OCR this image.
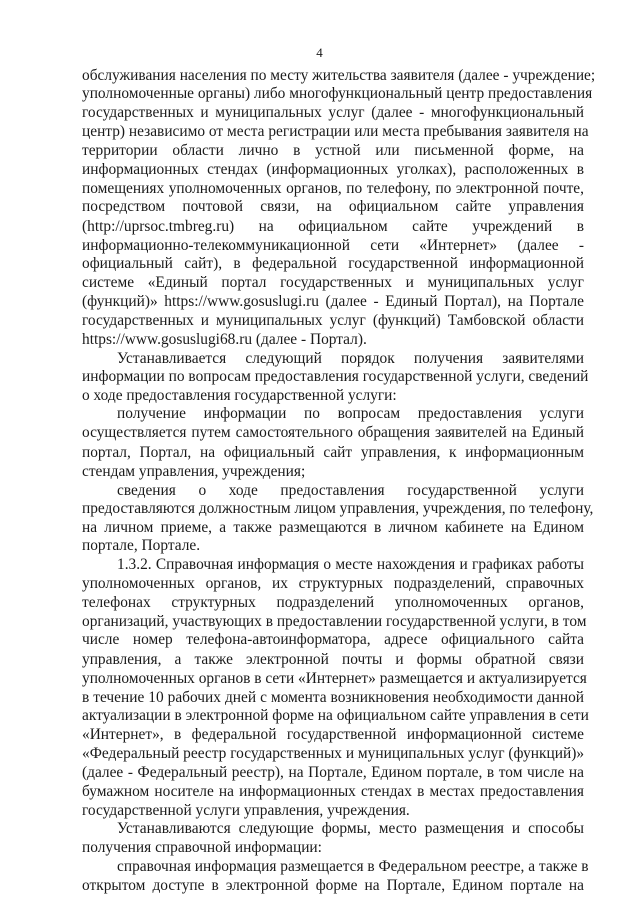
4
обслуживания населения по месту жительства заявителя (далее - учреждение;
уполномоченные органы) либо многофункциональный центр предоставления
государственных и муниципальных услуг (далее - многофункциональный
центр) независимо от места регистрации или места пребывания заявителя на
территории области лично в устной или письменной форме, на
информационных стендах (информационных уголках), расположенных в
помещениях уполномоченных органов, по телефону, по электронной почте,
посредством почтовой связи, на официальном сайте управления
(http://uprsoc.tmbreg.ru) на официальном сайте учреждений в
информационно-телекоммуникационной сети «Интернет» (далее -
официальный сайт), в федеральной государственной информационной
системе «Единый портал государственных и муниципальных услуг
(функций)» https://www.gosuslugi.ru (далее - Единый Портал), на Портале
государственных и муниципальных услуг (функций) Тамбовской области
https://www.gosuslugi68.ru (далее - Портал).
Устанавливается следующий порядок получения заявителями
информации по вопросам предоставления государственной услуги, сведений
о ходе предоставления государственной услуги:
получение информации по вопросам предоставления услуги
осуществляется путем самостоятельного обращения заявителей на Единый
портал, Портал, на официальный сайт управления, к информационным
стендам управления, учреждения;
сведения о ходе предоставления государственной услуги
предоставляются должностным лицом управления, учреждения, по телефону,
на личном приеме, а также размещаются в личном кабинете на Едином
портале, Портале.
1.3.2. Справочная информация о месте нахождения и графиках работы
уполномоченных органов, их структурных подразделений, справочных
телефонах структурных подразделений уполномоченных органов,
организаций, участвующих в предоставлении государственной услуги, в том
числе номер телефона-автоинформатора, адресе официального сайта
управления, а также электронной почты и формы обратной связи
уполномоченных органов в сети «Интернет» размещается и актуализируется
в течение 10 рабочих дней с момента возникновения необходимости данной
актуализации в электронной форме на официальном сайте управления в сети
«Интернет», в федеральной государственной информационной системе
«Федеральный реестр государственных и муниципальных услуг (функций)»
(далее - Федеральный реестр), на Портале, Едином портале, в том числе на
бумажном носителе на информационных стендах в местах предоставления
государственной услуги управления, учреждения.
Устанавливаются следующие формы, место размещения и способы
получения справочной информации:
справочная информация размещается в Федеральном реестре, а также в
открытом доступе в электронной форме на Портале, Едином портале на
